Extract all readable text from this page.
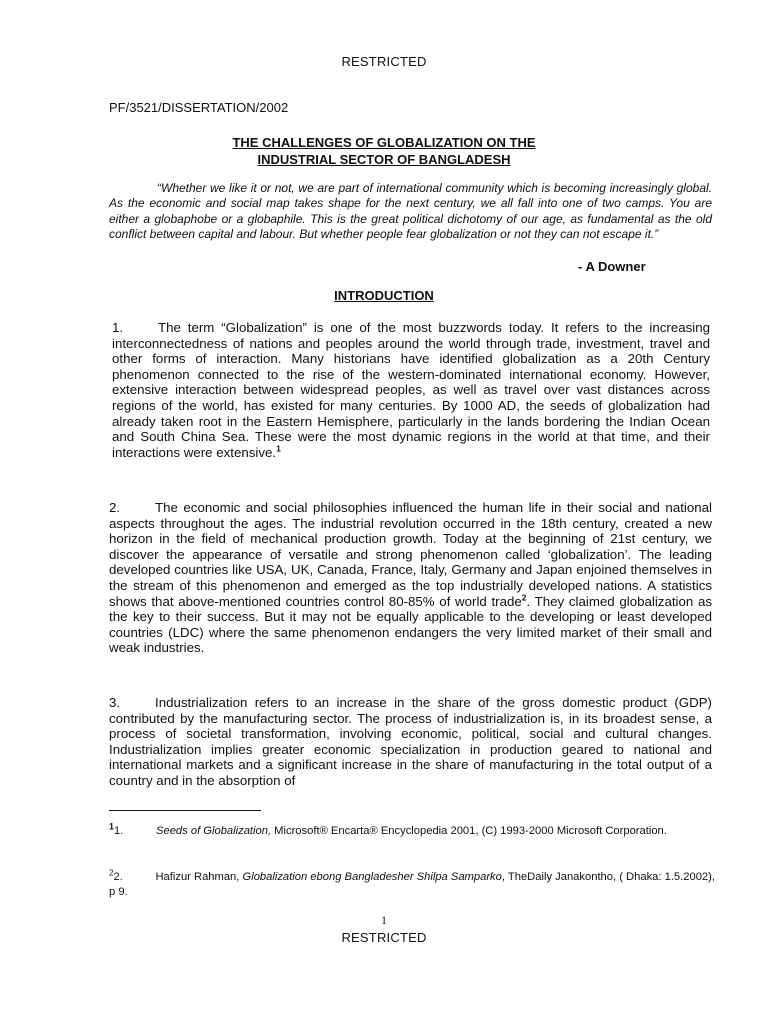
RESTRICTED
PF/3521/DISSERTATION/2002
THE CHALLENGES OF GLOBALIZATION ON THE
INDUSTRIAL SECTOR OF BANGLADESH

“Whether we like it or not, we are part of international community which is becoming increasingly global. As the economic and social map takes shape for the next century, we all fall into one of two camps. You are either a globaphobe or a globaphile. This is the great political dichotomy of our age, as fundamental as the old conflict between capital and labour. But whether people fear globalization or not they can not escape it.”

- A Downer
INTRODUCTION

1.	The term “Globalization” is one of the most buzzwords today. It refers to the increasing interconnectedness of nations and peoples around the world through trade, investment, travel and other forms of interaction. Many historians have identified globalization as a 20th Century phenomenon connected to the rise of the western-dominated international economy. However, extensive interaction between widespread peoples, as well as travel over vast distances across regions of the world, has existed for many centuries. By 1000 AD, the seeds of globalization had already taken root in the Eastern Hemisphere, particularly in the lands bordering the Indian Ocean and South China Sea. These were the most dynamic regions in the world at that time, and their interactions were extensive.$^1$

2.	The economic and social philosophies influenced the human life in their social and national aspects throughout the ages. The industrial revolution occurred in the 18th century, created a new horizon in the field of mechanical production growth. Today at the beginning of 21st century, we discover the appearance of versatile and strong phenomenon called ‘globalization’. The leading developed countries like USA, UK, Canada, France, Italy, Germany and Japan enjoined themselves in the stream of this phenomenon and emerged as the top industrially developed nations. A statistics shows that above-mentioned countries control 80-85% of world trade$^2$. They claimed globalization as the key to their success. But it may not be equally applicable to the developing or least developed countries (LDC) where the same phenomenon endangers the very limited market of their small and weak industries.

3.	Industrialization refers to an increase in the share of the gross domestic product (GDP) contributed by the manufacturing sector. The process of industrialization is, in its broadest sense, a process of societal transformation, involving economic, political, social and cultural changes. Industrialization implies greater economic specialization in production geared to national and international markets and a significant increase in the share of manufacturing in the total output of a country and in the absorption of

$^1$1.	Seeds of Globalization, Microsoft® Encarta® Encyclopedia 2001, (C) 1993-2000 Microsoft Corporation.

$^2$2.	Hafizur Rahman, Globalization ebong Bangladesher Shilpa Samparko, TheDaily Janakontho, ( Dhaka: 1.5.2002), p 9.

1
RESTRICTED
